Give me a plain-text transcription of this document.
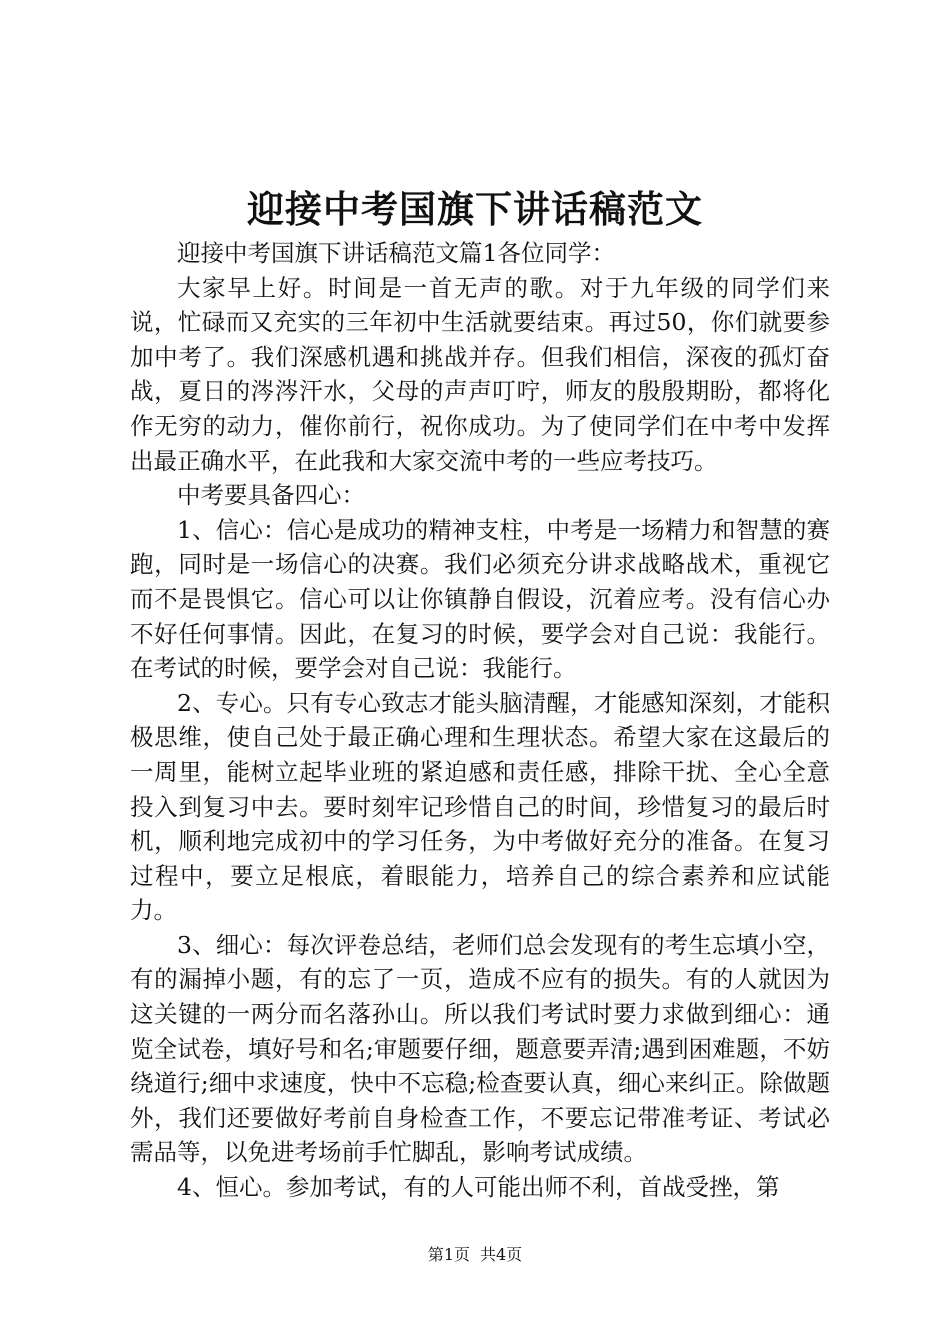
迎接中考国旗下讲话稿范文

迎接中考国旗下讲话稿范文篇1各位同学：

大家早上好。时间是一首无声的歌。对于九年级的同学们来说，忙碌而又充实的三年初中生活就要结束。再过50，你们就要参加中考了。我们深感机遇和挑战并存。但我们相信，深夜的孤灯奋战，夏日的涔涔汗水，父母的声声叮咛，师友的殷殷期盼，都将化作无穷的动力，催你前行，祝你成功。为了使同学们在中考中发挥出最正确水平，在此我和大家交流中考的一些应考技巧。

中考要具备四心：

1、信心：信心是成功的精神支柱，中考是一场精力和智慧的赛跑，同时是一场信心的决赛。我们必须充分讲求战略战术，重视它而不是畏惧它。信心可以让你镇静自假设，沉着应考。没有信心办不好任何事情。因此，在复习的时候，要学会对自己说：我能行。在考试的时候，要学会对自己说：我能行。

2、专心。只有专心致志才能头脑清醒，才能感知深刻，才能积极思维，使自己处于最正确心理和生理状态。希望大家在这最后的一周里，能树立起毕业班的紧迫感和责任感，排除干扰、全心全意投入到复习中去。要时刻牢记珍惜自己的时间，珍惜复习的最后时机，顺利地完成初中的学习任务，为中考做好充分的准备。在复习过程中，要立足根底，着眼能力，培养自己的综合素养和应试能力。

3、细心：每次评卷总结，老师们总会发现有的考生忘填小空，有的漏掉小题，有的忘了一页，造成不应有的损失。有的人就因为这关键的一两分而名落孙山。所以我们考试时要力求做到细心：通览全试卷，填好号和名;审题要仔细，题意要弄清;遇到困难题，不妨绕道行;细中求速度，快中不忘稳;检查要认真，细心来纠正。除做题外，我们还要做好考前自身检查工作，不要忘记带准考证、考试必需品等，以免进考场前手忙脚乱，影响考试成绩。

4、恒心。参加考试，有的人可能出师不利，首战受挫，第

第1页 共4页
